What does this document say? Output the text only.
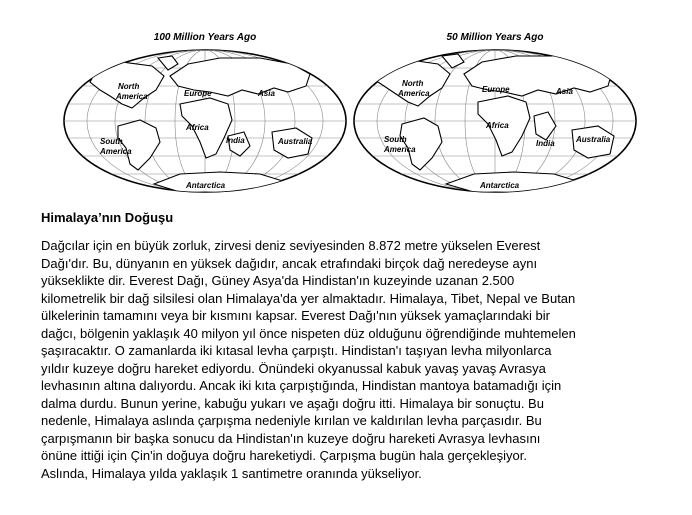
100 Million Years Ago
North
America	Europe	Asia
Africa
South
America
India	Australia
Antarctica
50 Million Years Ago
North
America	Europe	Asia
Africa
South
America
India	Australia
Antarctica
Himalaya’nın Doğuşu

Dağcılar için en büyük zorluk, zirvesi deniz seviyesinden 8.872 metre yükselen Everest
Dağı'dır. Bu, dünyanın en yüksek dağıdır, ancak etrafındaki birçok dağ neredeyse aynı
yükseklikte dir. Everest Dağı, Güney Asya'da Hindistan'ın kuzeyinde uzanan 2.500
kilometrelik bir dağ silsilesi olan Himalaya'da yer almaktadır. Himalaya, Tibet, Nepal ve Butan
ülkelerinin tamamını veya bir kısmını kapsar. Everest Dağı'nın yüksek yamaçlarındaki bir
dağcı, bölgenin yaklaşık 40 milyon yıl önce nispeten düz olduğunu öğrendiğinde muhtemelen
şaşıracaktır. O zamanlarda iki kıtasal levha çarpıştı. Hindistan'ı taşıyan levha milyonlarca
yıldır kuzeye doğru hareket ediyordu. Önündeki okyanussal kabuk yavaş yavaş Avrasya
levhasının altına dalıyordu. Ancak iki kıta çarpıştığında, Hindistan mantoya batamadığı için
dalma durdu. Bunun yerine, kabuğu yukarı ve aşağı doğru itti. Himalaya bir sonuçtu. Bu
nedenle, Himalaya aslında çarpışma nedeniyle kırılan ve kaldırılan levha parçasıdır. Bu
çarpışmanın bir başka sonucu da Hindistan'ın kuzeye doğru hareketi Avrasya levhasını
önüne ittiği için Çin'in doğuya doğru hareketiydi. Çarpışma bugün hala gerçekleşiyor.
Aslında, Himalaya yılda yaklaşık 1 santimetre oranında yükseliyor.
